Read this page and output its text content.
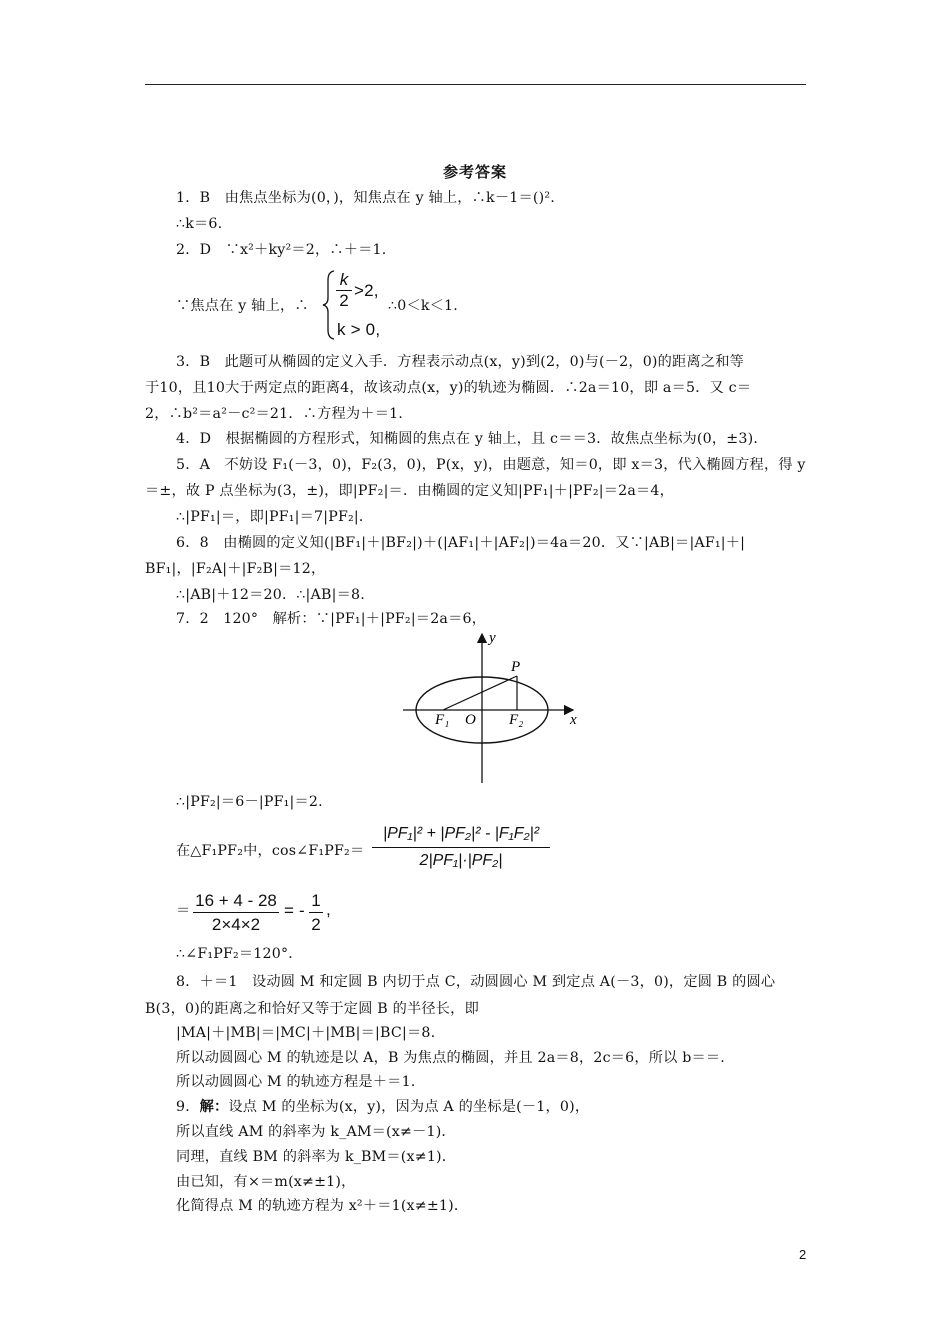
参考答案
1．B　由焦点坐标为(0，)，知焦点在 y 轴上，∴k－1＝()².
∴k＝6.
2．D　∵x²＋ky²＝2，∴＋＝1.
∵焦点在 y 轴上，∴ $\frac{k}{2} >2$,
k > 0,
∴0＜k＜1.
3．B　此题可从椭圆的定义入手．方程表示动点(x，y)到(2，0)与(－2，0)的距离之和等
于10，且10大于两定点的距离4，故该动点(x，y)的轨迹为椭圆．∴2a＝10，即 a＝5．又 c＝
2，∴b²＝a²－c²＝21．∴方程为＋＝1.
4．D　根据椭圆的方程形式，知椭圆的焦点在 y 轴上，且 c＝＝3．故焦点坐标为(0，±3)．
5．A　不妨设 F₁(－3，0)，F₂(3，0)，P(x，y)，由题意，知＝0，即 x＝3，代入椭圆方程，得 y
＝±，故 P 点坐标为(3，±)，即|PF₂|＝．由椭圆的定义知|PF₁|＋|PF₂|＝2a＝4，
∴|PF₁|＝，即|PF₁|＝7|PF₂|．
6．8　由椭圆的定义知(|BF₁|＋|BF₂|)＋(|AF₁|＋|AF₂|)＝4a＝20．又∵|AB|＝|AF₁|＋|
BF₁|，|F₂A|＋|F₂B|＝12，
∴|AB|＋12＝20．∴|AB|＝8.
7．2　120°　解析：∵|PF₁|＋|PF₂|＝2a＝6，
y
x
O
P
F₁	F₂
∴|PF₂|＝6－|PF₁|＝2.
在△F₁PF₂中，cos∠F₁PF₂＝ $\frac{\text{|PF₁|² + |PF₂|² - |F₁F₂|²}}{\text{2|PF₁|·|PF₂|}}$
＝ $\frac{16 + 4 - 28}{2\times 4\times 2}$ = - $\frac{1}{2}$ ,
∴∠F₁PF₂＝120°．
8．＋＝1　设动圆 M 和定圆 B 内切于点 C，动圆圆心 M 到定点 A(－3，0)，定圆 B 的圆心
B(3，0)的距离之和恰好又等于定圆 B 的半径长，即
|MA|＋|MB|＝|MC|＋|MB|＝|BC|＝8.
所以动圆圆心 M 的轨迹是以 A，B 为焦点的椭圆，并且 2a＝8，2c＝6，所以 b＝＝.
所以动圆圆心 M 的轨迹方程是＋＝1.
9．解：设点 M 的坐标为(x，y)，因为点 A 的坐标是(－1，0)，
所以直线 AM 的斜率为 k_AM＝(x≠－1)．
同理，直线 BM 的斜率为 k_BM＝(x≠1)．
由已知，有×＝m(x≠±1)，
化简得点 M 的轨迹方程为 x²＋＝1(x≠±1)．
2
